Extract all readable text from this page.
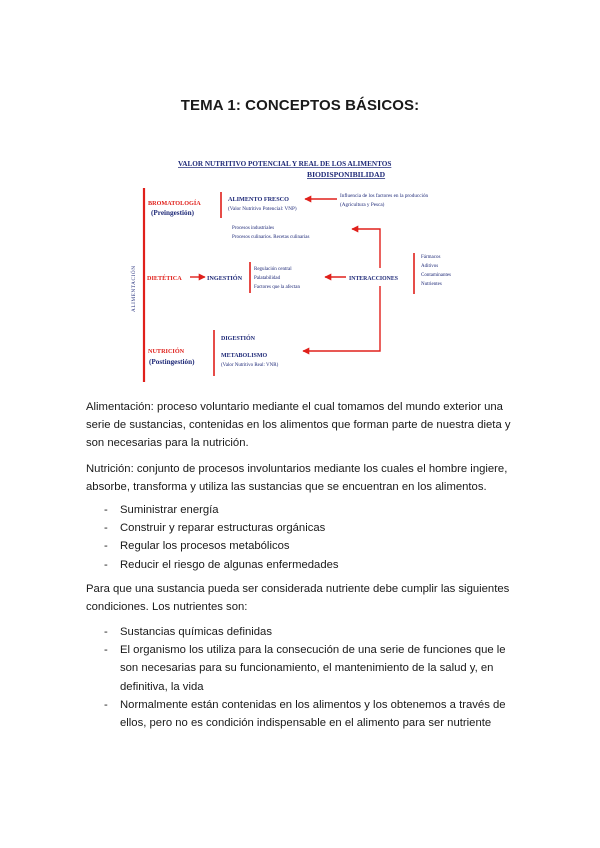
TEMA 1: CONCEPTOS BÁSICOS:
VALOR NUTRITIVO POTENCIAL Y REAL DE LOS ALIMENTOS
BIODISPONIBILIDAD
ALIMENTACIÓN
BROMATOLOGÍA
(Preingestión)
ALIMENTO FRESCO
(Valor Nutritivo Potencial: VNP)
Influencia de los factores en la producción
(Agricultura y Pesca)
Procesos industriales
Procesos culinarios. Recetas culinarias
DIETÉTICA	INGESTIÓN
Regulación central
Palatabilidad
Factores que la afectan
INTERACCIONES
Fármacos
Aditivos
Contaminantes
Nutrientes
NUTRICIÓN
(Postingestión)
DIGESTIÓN
METABOLISMO
(Valor Nutritivo Real: VNR)

Alimentación: proceso voluntario mediante el cual tomamos del mundo exterior una serie de sustancias, contenidas en los alimentos que forman parte de nuestra dieta y son necesarias para la nutrición.

Nutrición: conjunto de procesos involuntarios mediante los cuales el hombre ingiere, absorbe, transforma y utiliza las sustancias que se encuentran en los alimentos.

- Suministrar energía
- Construir y reparar estructuras orgánicas
- Regular los procesos metabólicos
- Reducir el riesgo de algunas enfermedades

Para que una sustancia pueda ser considerada nutriente debe cumplir las siguientes condiciones. Los nutrientes son:

- Sustancias químicas definidas
- El organismo los utiliza para la consecución de una serie de funciones que le son necesarias para su funcionamiento, el mantenimiento de la salud y, en definitiva, la vida
- Normalmente están contenidas en los alimentos y los obtenemos a través de ellos, pero no es condición indispensable en el alimento para ser nutriente
